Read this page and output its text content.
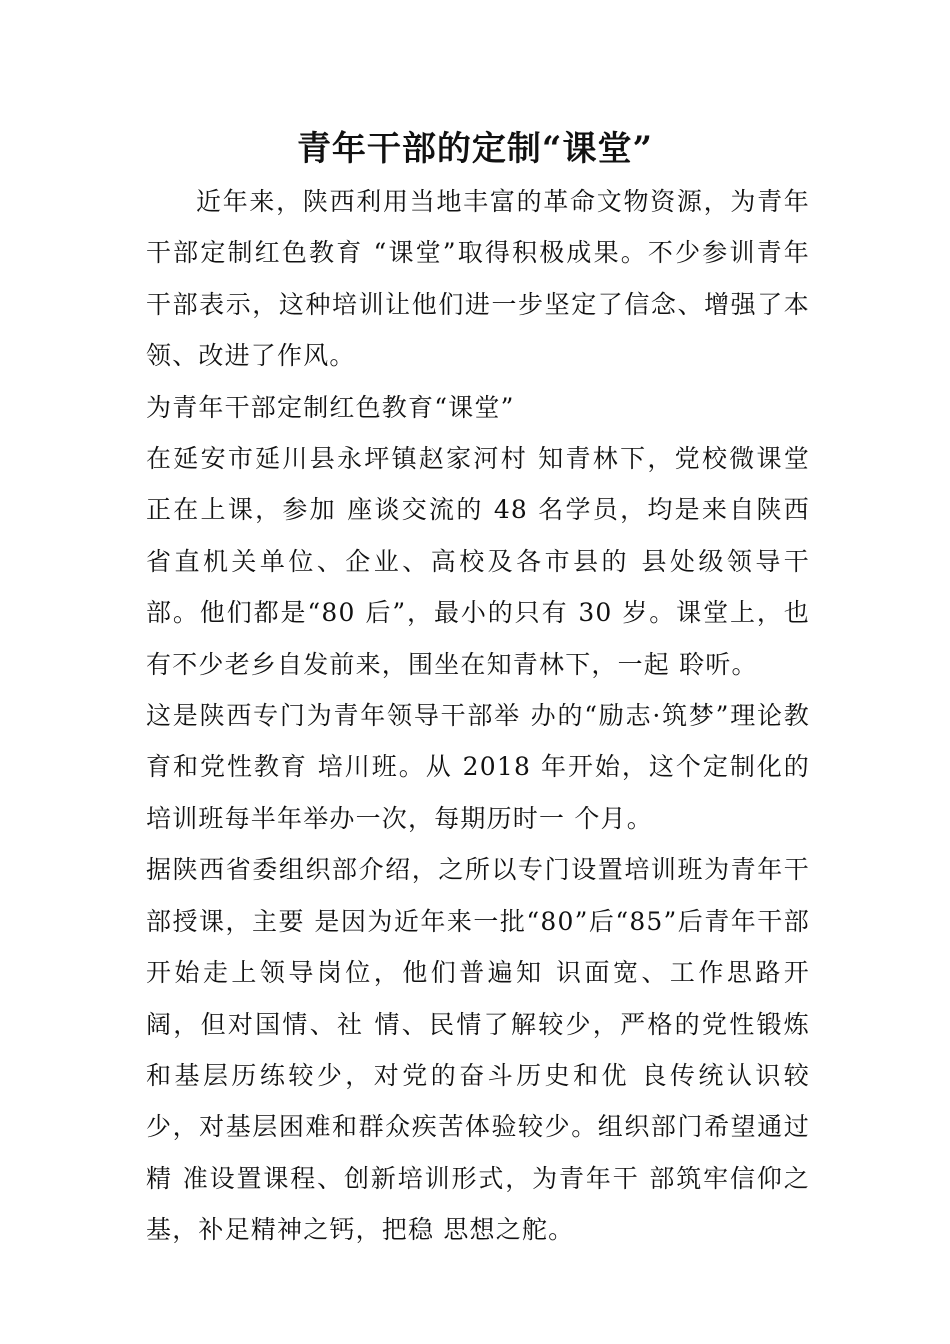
青年干部的定制“课堂”

近年来，陕西利用当地丰富的革命文物资源，为青年干部定制红色教育 “课堂”取得积极成果。不少参训青年干部表示，这种培训让他们进一步坚定了信念、增强了本领、改进了作风。

为青年干部定制红色教育“课堂”

在延安市延川县永坪镇赵家河村 知青林下，党校微课堂正在上课，参加 座谈交流的 48 名学员，均是来自陕西 省直机关单位、企业、高校及各市县的 县处级领导干部。他们都是“80 后”，最小的只有 30 岁。课堂上，也有不少老乡自发前来，围坐在知青林下，一起 聆听。

这是陕西专门为青年领导干部举 办的“励志·筑梦”理论教育和党性教育 培川班。从 2018 年开始，这个定制化的培训班每半年举办一次，每期历时一 个月。

据陕西省委组织部介绍，之所以专门设置培训班为青年干部授课，主要 是因为近年来一批“80”后“85”后青年干部开始走上领导岗位，他们普遍知 识面宽、工作思路开阔，但对国情、社 情、民情了解较少，严格的党性锻炼和基层历练较少，对党的奋斗历史和优 良传统认识较少，对基层困难和群众疾苦体验较少。组织部门希望通过精 准设置课程、创新培训形式，为青年干 部筑牢信仰之基，补足精神之钙，把稳 思想之舵。
